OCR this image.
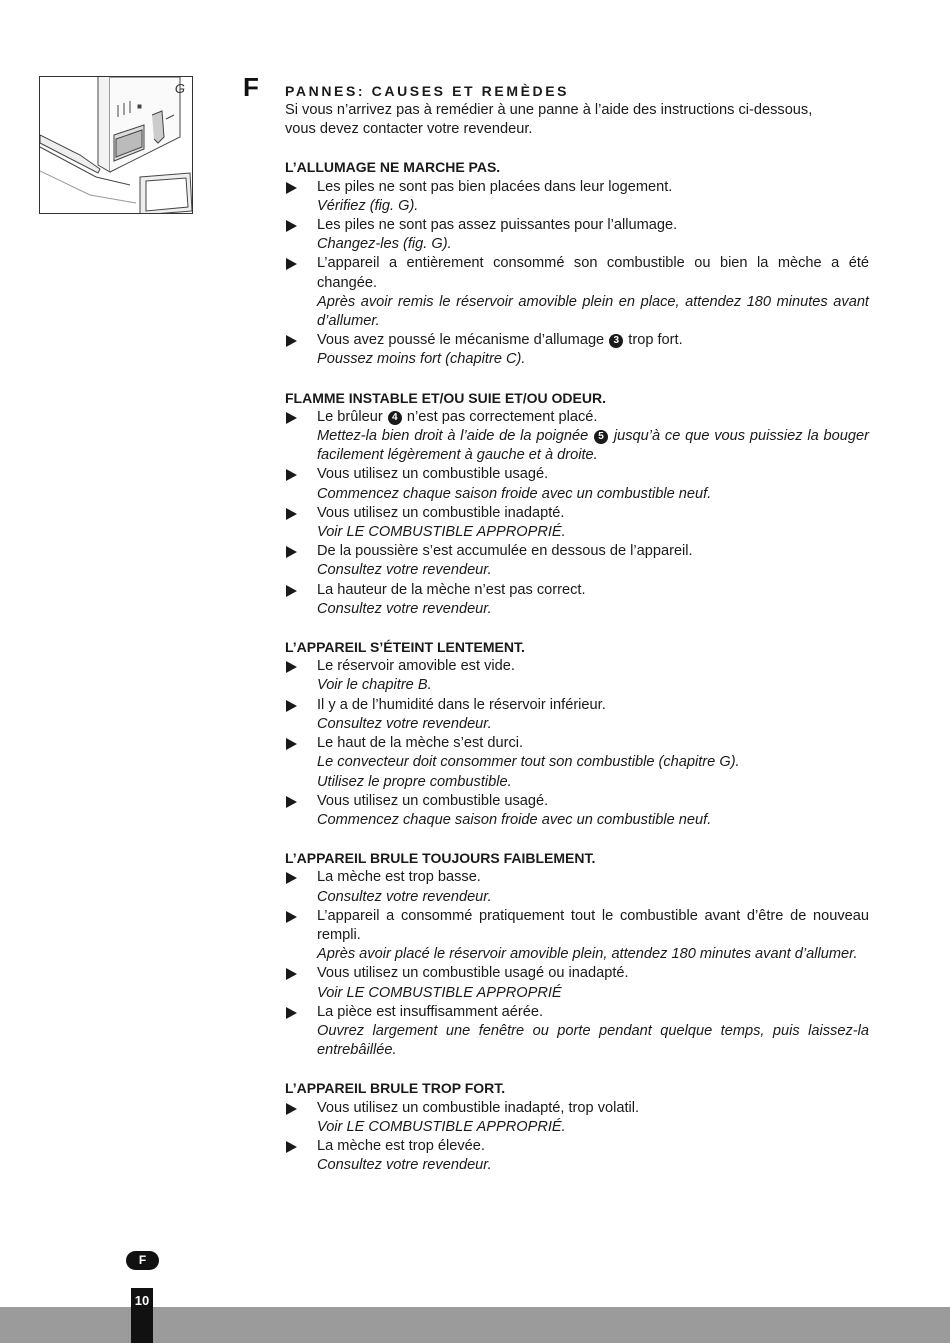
G F PANNES: CAUSES ET REMÈDES

Si vous n’arrivez pas à remédier à une panne à l’aide des instructions ci-dessous,
vous devez contacter votre revendeur.

L’ALLUMAGE NE MARCHE PAS.

Les piles ne sont pas bien placées dans leur logement.
Vérifiez (fig. G).
Les piles ne sont pas assez puissantes pour l’allumage.
Changez-les (fig. G).
L’appareil a entièrement consommé son combustible ou bien la mèche a été changée.
Après avoir remis le réservoir amovible plein en place, attendez 180 minutes avant d’allumer.
Vous avez poussé le mécanisme d’allumage 3 trop fort.
Poussez moins fort (chapitre C).

FLAMME INSTABLE ET/OU SUIE ET/OU ODEUR.

Le brûleur 4 n’est pas correctement placé.
Mettez-la bien droit à l’aide de la poignée 5 jusqu’à ce que vous puissiez la bouger facilement légèrement à gauche et à droite.
Vous utilisez un combustible usagé.
Commencez chaque saison froide avec un combustible neuf.
Vous utilisez un combustible inadapté.
Voir LE COMBUSTIBLE APPROPRIÉ.
De la poussière s’est accumulée en dessous de l’appareil.
Consultez votre revendeur.
La hauteur de la mèche n’est pas correct.
Consultez votre revendeur.

L’APPAREIL S’ÉTEINT LENTEMENT.

Le réservoir amovible est vide.
Voir le chapitre B.
Il y a de l’humidité dans le réservoir inférieur.
Consultez votre revendeur.
Le haut de la mèche s’est durci.
Le convecteur doit consommer tout son combustible (chapitre G).
Utilisez le propre combustible.
Vous utilisez un combustible usagé.
Commencez chaque saison froide avec un combustible neuf.

L’APPAREIL BRULE TOUJOURS FAIBLEMENT.

La mèche est trop basse.
Consultez votre revendeur.
L’appareil a consommé pratiquement tout le combustible avant d’être de nouveau rempli.
Après avoir placé le réservoir amovible plein, attendez 180 minutes avant d’allumer.
Vous utilisez un combustible usagé ou inadapté.
Voir LE COMBUSTIBLE APPROPRIÉ
La pièce est insuffisamment aérée.
Ouvrez largement une fenêtre ou porte pendant quelque temps, puis laissez-la entrebâillée.

L’APPAREIL BRULE TROP FORT.

Vous utilisez un combustible inadapté, trop volatil.
Voir LE COMBUSTIBLE APPROPRIÉ.
La mèche est trop élevée.
Consultez votre revendeur.
F
10
